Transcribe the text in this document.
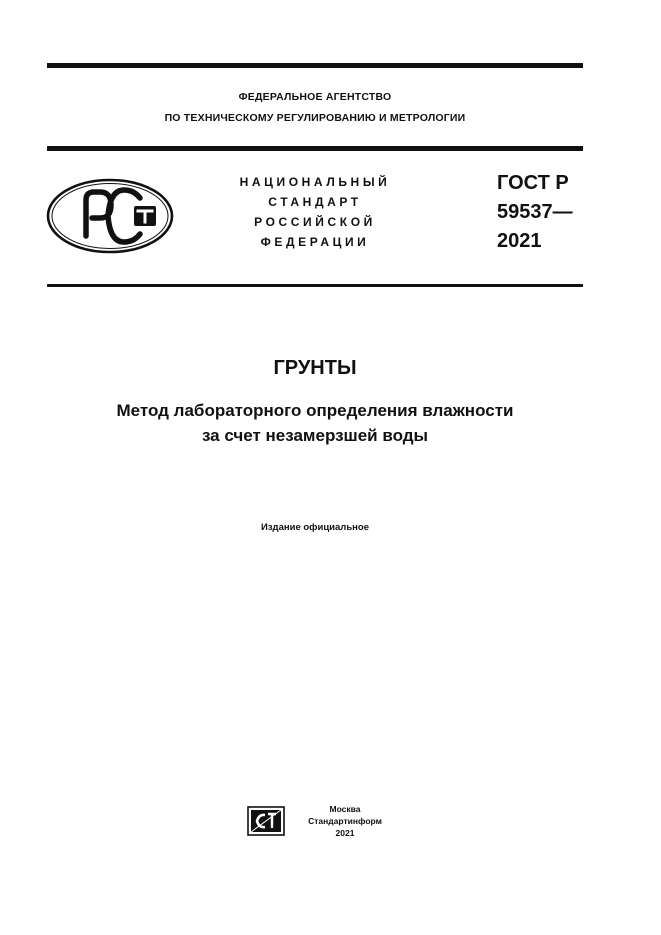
ФЕДЕРАЛЬНОЕ АГЕНТСТВО
ПО ТЕХНИЧЕСКОМУ РЕГУЛИРОВАНИЮ И МЕТРОЛОГИИ
НАЦИОНАЛЬНЫЙ
СТАНДАРТ
РОССИЙСКОЙ
ФЕДЕРАЦИИ
ГОСТ Р
59537—
2021
ГРУНТЫ
Метод лабораторного определения влажности
за счет незамерзшей воды
Издание официальное
Москва
Стандартинформ
2021
